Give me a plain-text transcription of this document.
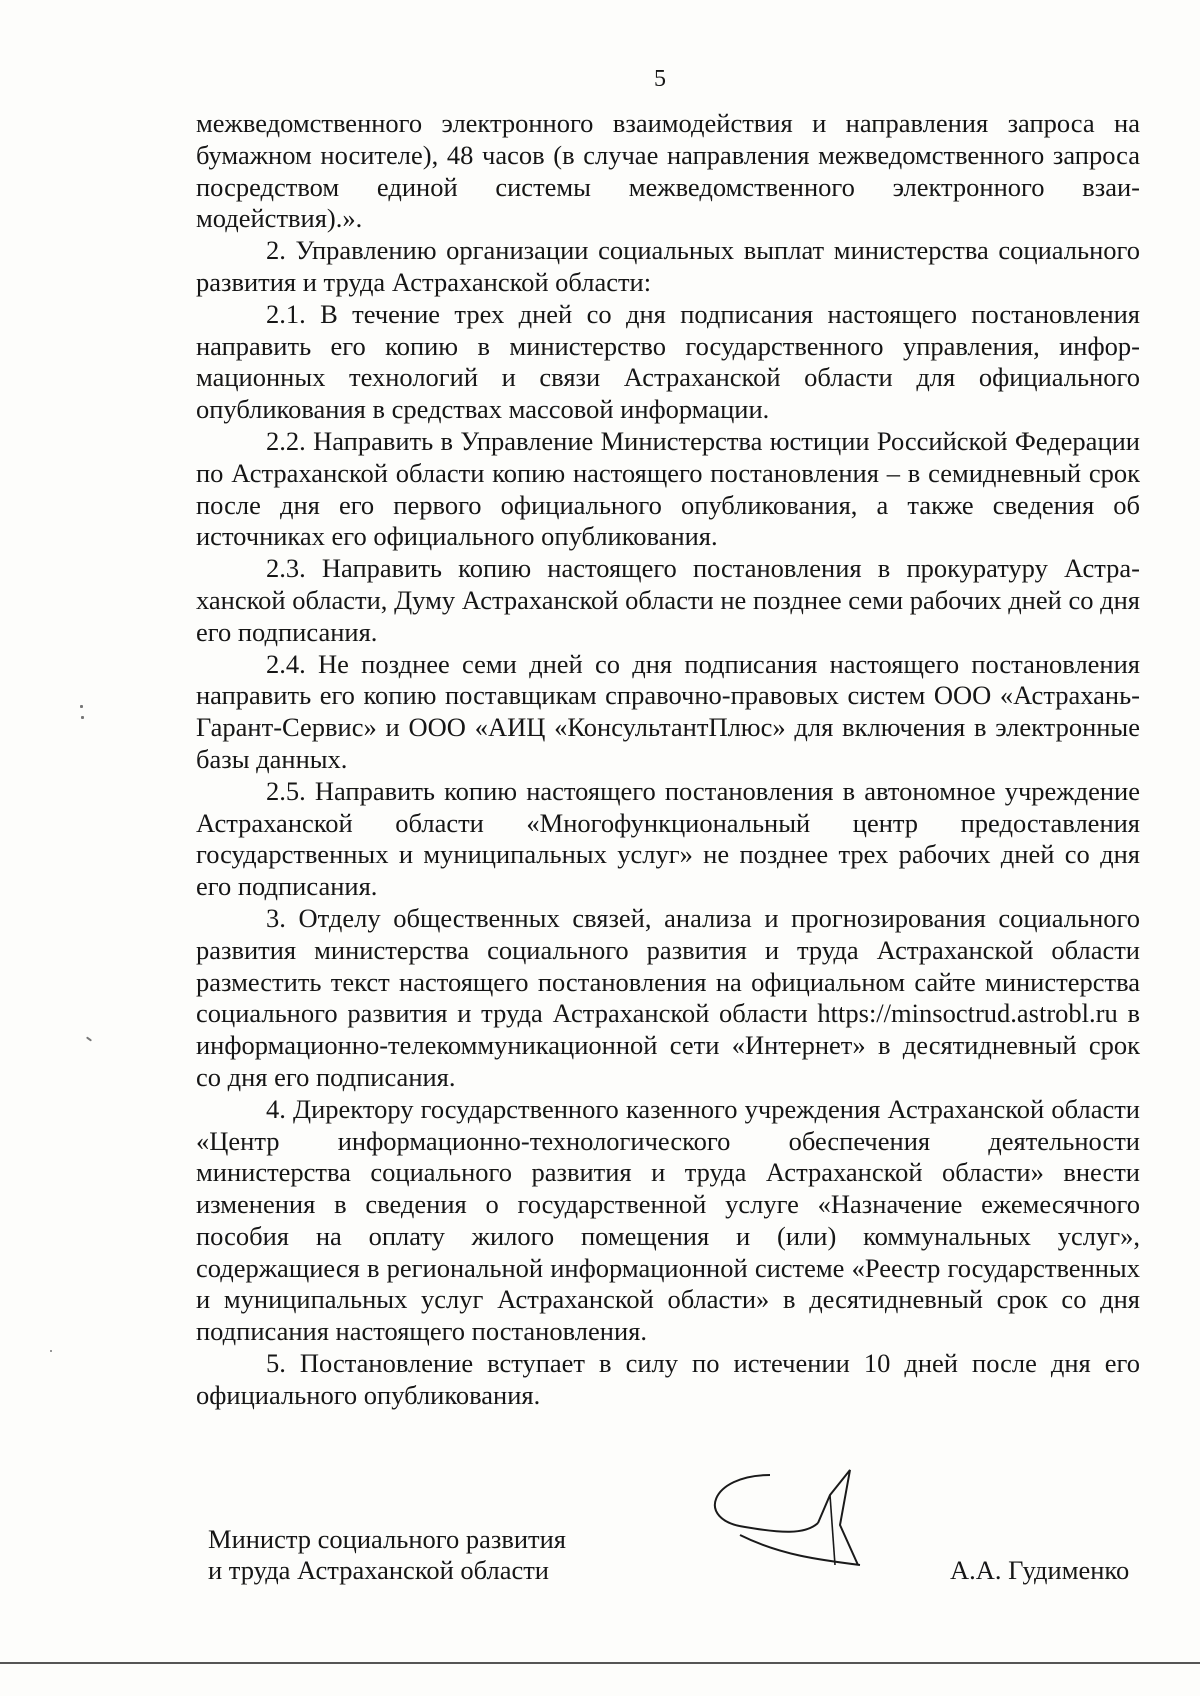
5

межведомственного электронного взаимодействия и направления запроса на бумажном носителе), 48 часов (в случае направления межведомственного запроса посредством единой системы межведомственного электронного взаимодействия).».

2. Управлению организации социальных выплат министерства социального развития и труда Астраханской области:

2.1. В течение трех дней со дня подписания настоящего постановления направить его копию в министерство государственного управления, информационных технологий и связи Астраханской области для официального опубликования в средствах массовой информации.

2.2. Направить в Управление Министерства юстиции Российской Федерации по Астраханской области копию настоящего постановления – в семидневный срок после дня его первого официального опубликования, а также сведения об источниках его официального опубликования.

2.3. Направить копию настоящего постановления в прокуратуру Астраханской области, Думу Астраханской области не позднее семи рабочих дней со дня его подписания.

2.4. Не позднее семи дней со дня подписания настоящего постановления направить его копию поставщикам справочно-правовых систем ООО «Астрахань-Гарант-Сервис» и ООО «АИЦ «КонсультантПлюс» для включения в электронные базы данных.

2.5. Направить копию настоящего постановления в автономное учреждение Астраханской области «Многофункциональный центр предоставления государственных и муниципальных услуг» не позднее трех рабочих дней со дня его подписания.

3. Отделу общественных связей, анализа и прогнозирования социального развития министерства социального развития и труда Астраханской области разместить текст настоящего постановления на официальном сайте министерства социального развития и труда Астраханской области https://minsoctrud.astrobl.ru в информационно-телекоммуникационной сети «Интернет» в десятидневный срок со дня его подписания.

4. Директору государственного казенного учреждения Астраханской области «Центр информационно-технологического обеспечения деятельности министерства социального развития и труда Астраханской области» внести изменения в сведения о государственной услуге «Назначение ежемесячного пособия на оплату жилого помещения и (или) коммунальных услуг», содержащиеся в региональной информационной системе «Реестр государственных и муниципальных услуг Астраханской области» в десятидневный срок со дня подписания настоящего постановления.

5. Постановление вступает в силу по истечении 10 дней после дня его официального опубликования.

Министр социального развития
и труда Астраханской области	А.А. Гудименко
